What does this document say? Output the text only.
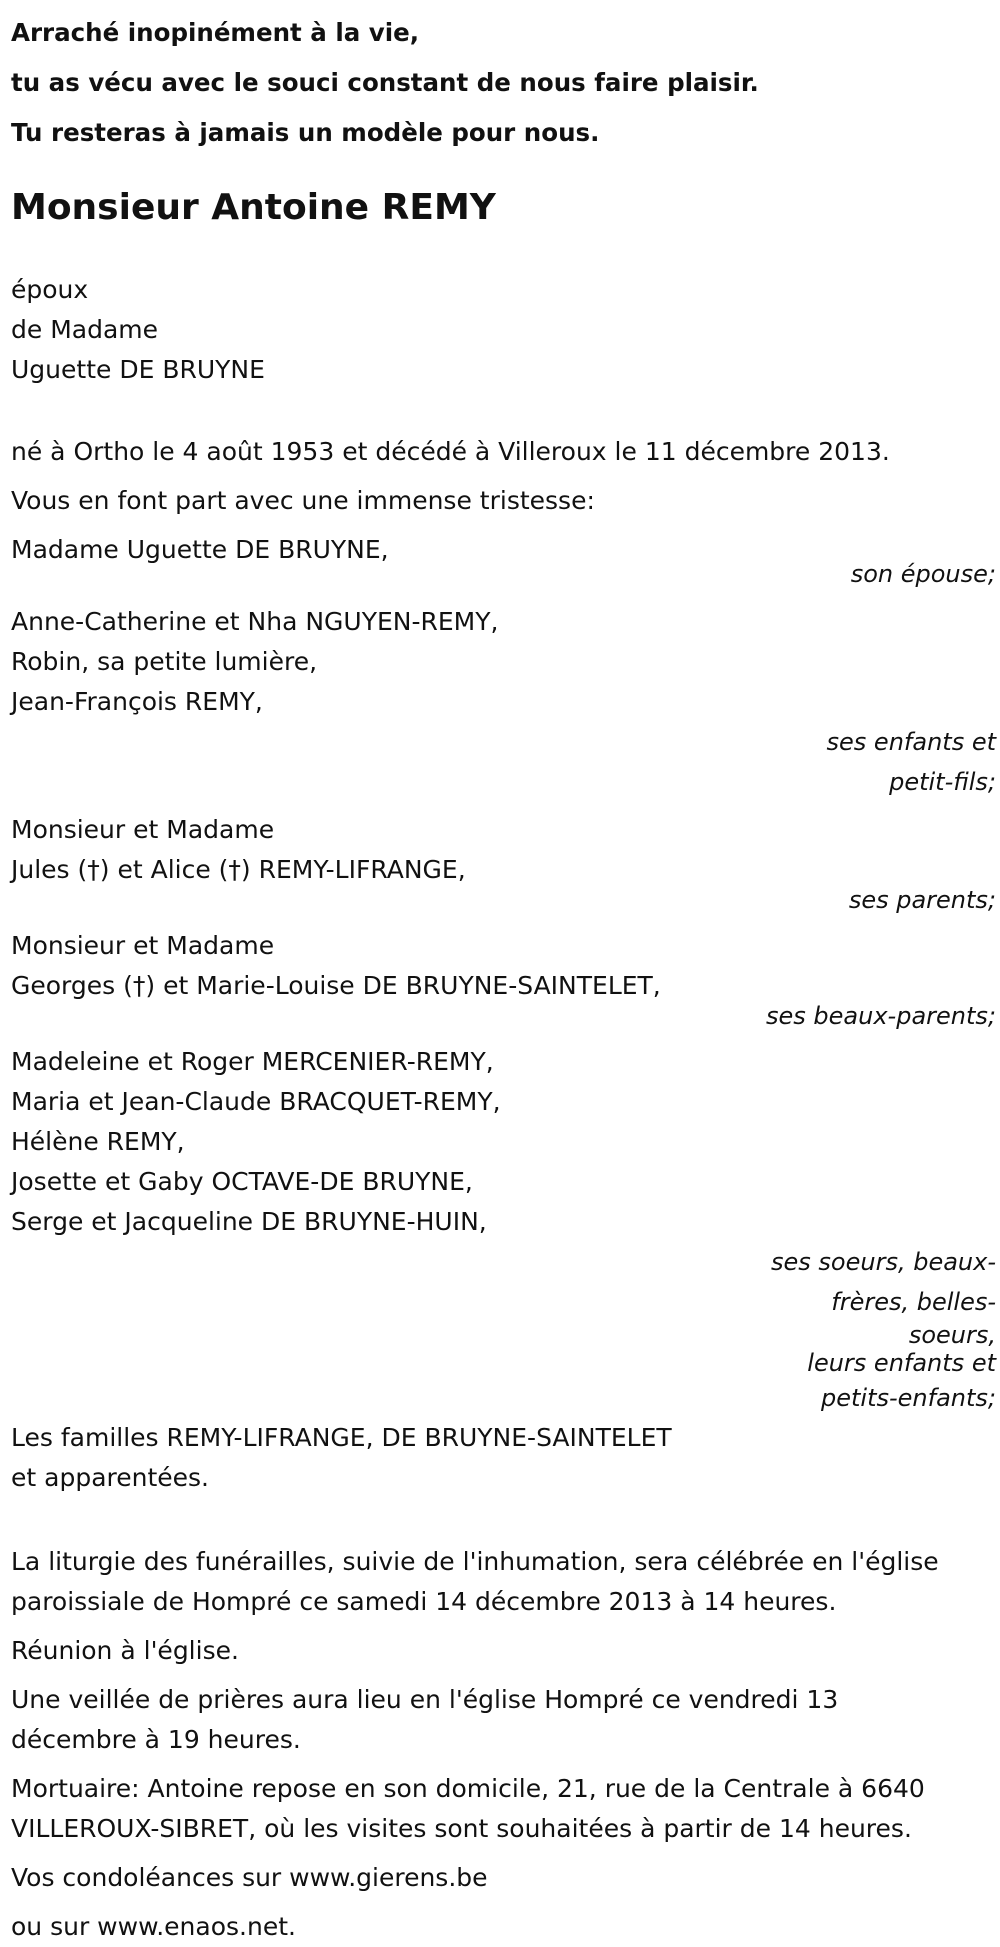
Arraché inopinément à la vie,
tu as vécu avec le souci constant de nous faire plaisir.
Tu resteras à jamais un modèle pour nous.
Monsieur Antoine REMY
époux
de Madame
Uguette DE BRUYNE
né à Ortho le 4 août 1953 et décédé à Villeroux le 11 décembre 2013.
Vous en font part avec une immense tristesse:
Madame Uguette DE BRUYNE,
son épouse;
Anne-Catherine et Nha NGUYEN-REMY,
Robin, sa petite lumière,
Jean-François REMY,
ses enfants et
petit-fils;
Monsieur et Madame
Jules (†) et Alice (†) REMY-LIFRANGE,
ses parents;
Monsieur et Madame
Georges (†) et Marie-Louise DE BRUYNE-SAINTELET,
ses beaux-parents;
Madeleine et Roger MERCENIER-REMY,
Maria et Jean-Claude BRACQUET-REMY,
Hélène REMY,
Josette et Gaby OCTAVE-DE BRUYNE,
Serge et Jacqueline DE BRUYNE-HUIN,
ses soeurs, beaux-
frères, belles-
soeurs,
leurs enfants et
petits-enfants;
Les familles REMY-LIFRANGE, DE BRUYNE-SAINTELET
et apparentées.
La liturgie des funérailles, suivie de l'inhumation, sera célébrée en l'église
paroissiale de Hompré ce samedi 14 décembre 2013 à 14 heures.
Réunion à l'église.
Une veillée de prières aura lieu en l'église Hompré ce vendredi 13
décembre à 19 heures.
Mortuaire: Antoine repose en son domicile, 21, rue de la Centrale à 6640
VILLEROUX-SIBRET, où les visites sont souhaitées à partir de 14 heures.
Vos condoléances sur www.gierens.be
ou sur www.enaos.net.
